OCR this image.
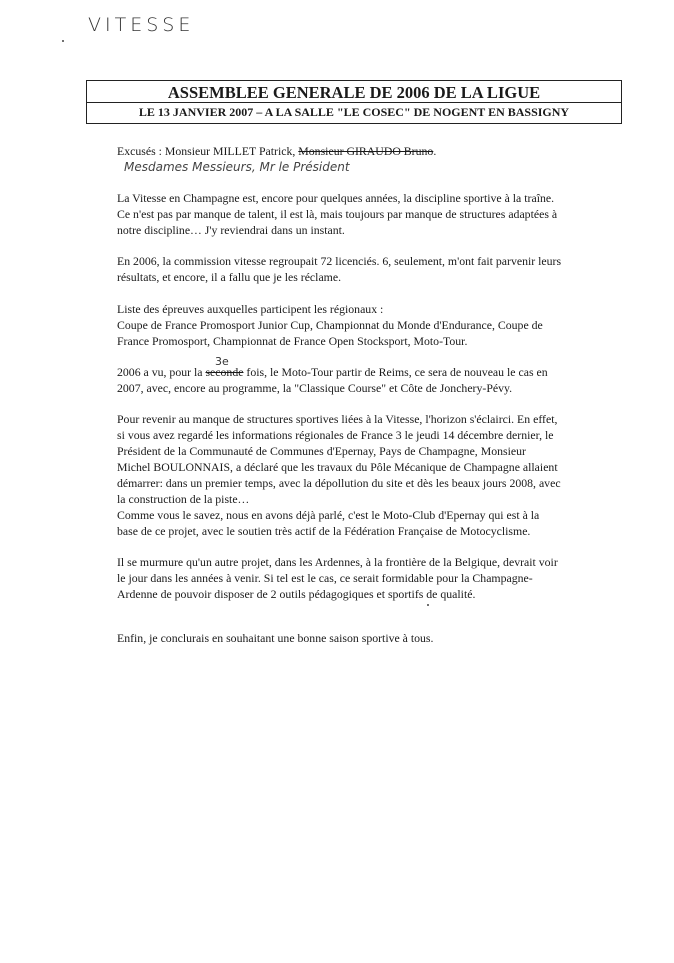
VITESSE
ASSEMBLEE GENERALE DE 2006 DE LA LIGUE
LE 13 JANVIER 2007 – A LA SALLE "LE COSEC" DE NOGENT EN BASSIGNY
Excusés : Monsieur MILLET Patrick, Monsieur GIRAUDO Bruno.
Mesdames Messieurs, Mr le Président
La Vitesse en Champagne est, encore pour quelques années, la discipline sportive à la traîne.
Ce n'est pas par manque de talent, il est là, mais toujours par manque de structures adaptées à
notre discipline… J'y reviendrai dans un instant.
En 2006, la commission vitesse regroupait 72 licenciés. 6, seulement, m'ont fait parvenir leurs
résultats, et encore, il a fallu que je les réclame.
Liste des épreuves auxquelles participent les régionaux :
Coupe de France Promosport Junior Cup, Championnat du Monde d'Endurance, Coupe de
France Promosport, Championnat de France Open Stocksport, Moto-Tour.
3e
2006 a vu, pour la seconde fois, le Moto-Tour partir de Reims, ce sera de nouveau le cas en
2007, avec, encore au programme, la "Classique Course" et Côte de Jonchery-Pévy.
Pour revenir au manque de structures sportives liées à la Vitesse, l'horizon s'éclairci. En effet,
si vous avez regardé les informations régionales de France 3 le jeudi 14 décembre dernier, le
Président de la Communauté de Communes d'Epernay, Pays de Champagne, Monsieur
Michel BOULONNAIS, a déclaré que les travaux du Pôle Mécanique de Champagne allaient
démarrer: dans un premier temps, avec la dépollution du site et dès les beaux jours 2008, avec
la construction de la piste…
Comme vous le savez, nous en avons déjà parlé, c'est le Moto-Club d'Epernay qui est à la
base de ce projet, avec le soutien très actif de la Fédération Française de Motocyclisme.
Il se murmure qu'un autre projet, dans les Ardennes, à la frontière de la Belgique, devrait voir
le jour dans les années à venir. Si tel est le cas, ce serait formidable pour la Champagne-
Ardenne de pouvoir disposer de 2 outils pédagogiques et sportifs de qualité.
Enfin, je conclurais en souhaitant une bonne saison sportive à tous.
